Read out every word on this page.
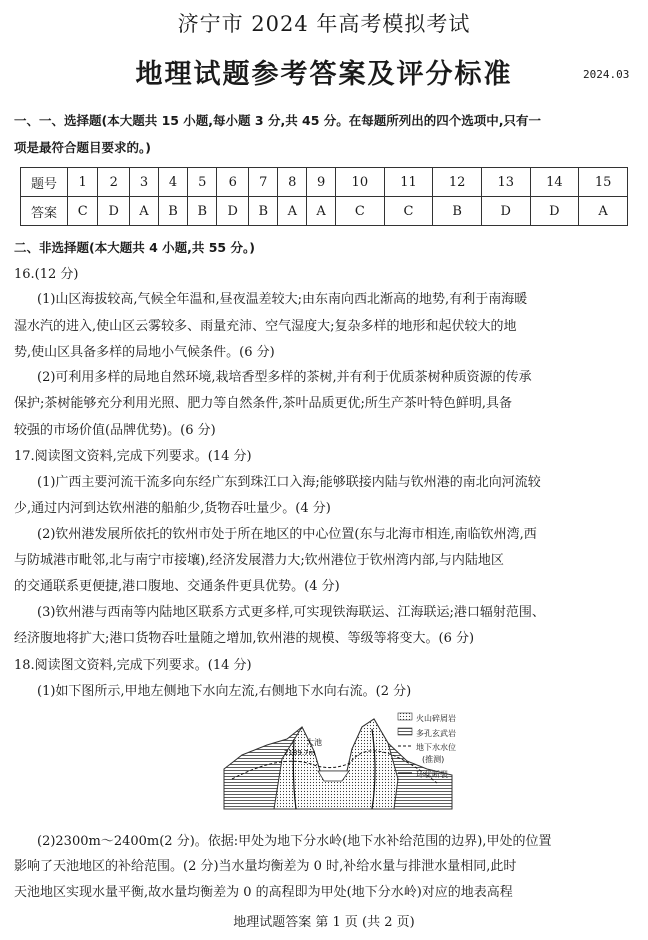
济宁市 2024 年高考模拟考试
地理试题参考答案及评分标准	2024.03
一、一、选择题(本大题共 15 小题,每小题 3 分,共 45 分。在每题所列出的四个选项中,只有一
项是最符合题目要求的。)
题号	1	2	3	4	5	6	7	8	9	10	11	12	13	14	15
答案	C	D	A	B	B	D	B	A	A	C	C	B	D	D	A
二、非选择题(本大题共 4 小题,共 55 分。)
16.(12 分)
(1)山区海拔较高,气候全年温和,昼夜温差较大;由东南向西北渐高的地势,有利于南海暖
湿水汽的进入,使山区云雾较多、雨量充沛、空气湿度大;复杂多样的地形和起伏较大的地
势,使山区具备多样的局地小气候条件。(6 分)
(2)可利用多样的局地自然环境,栽培香型多样的茶树,并有利于优质茶树种质资源的传承
保护;茶树能够充分利用光照、肥力等自然条件,茶叶品质更优;所生产茶叶特色鲜明,具备
较强的市场价值(品牌优势)。(6 分)
17.阅读图文资料,完成下列要求。(14 分)
(1)广西主要河流干流多向东经广东到珠江口入海;能够联接内陆与钦州港的南北向河流较
少,通过内河到达钦州港的船舶少,货物吞吐量少。(4 分)
(2)钦州港发展所依托的钦州市处于所在地区的中心位置(东与北海市相连,南临钦州湾,西
与防城港市毗邻,北与南宁市接壤),经济发展潜力大;钦州港位于钦州湾内部,与内陆地区
的交通联系更便捷,港口腹地、交通条件更具优势。(4 分)
(3)钦州港与西南等内陆地区联系方式更多样,可实现铁海联运、江海联运;港口辐射范围、
经济腹地将扩大;港口货物吞吐量随之增加,钦州港的规模、等级等将变大。(6 分)
18.阅读图文资料,完成下列要求。(14 分)
(1)如下图所示,甲地左侧地下水向左流,右侧地下水向右流。(2 分)
大池
2189.7m
火山碎屑岩
多孔玄武岩
地下水水位
(推测)
环状断裂
(2)2300m～2400m(2 分)。依据:甲处为地下分水岭(地下水补给范围的边界),甲处的位置
影响了天池地区的补给范围。(2 分)当水量均衡差为 0 时,补给水量与排泄水量相同,此时
天池地区实现水量平衡,故水量均衡差为 0 的高程即为甲处(地下分水岭)对应的地表高程
地理试题答案 第 1 页 (共 2 页)
